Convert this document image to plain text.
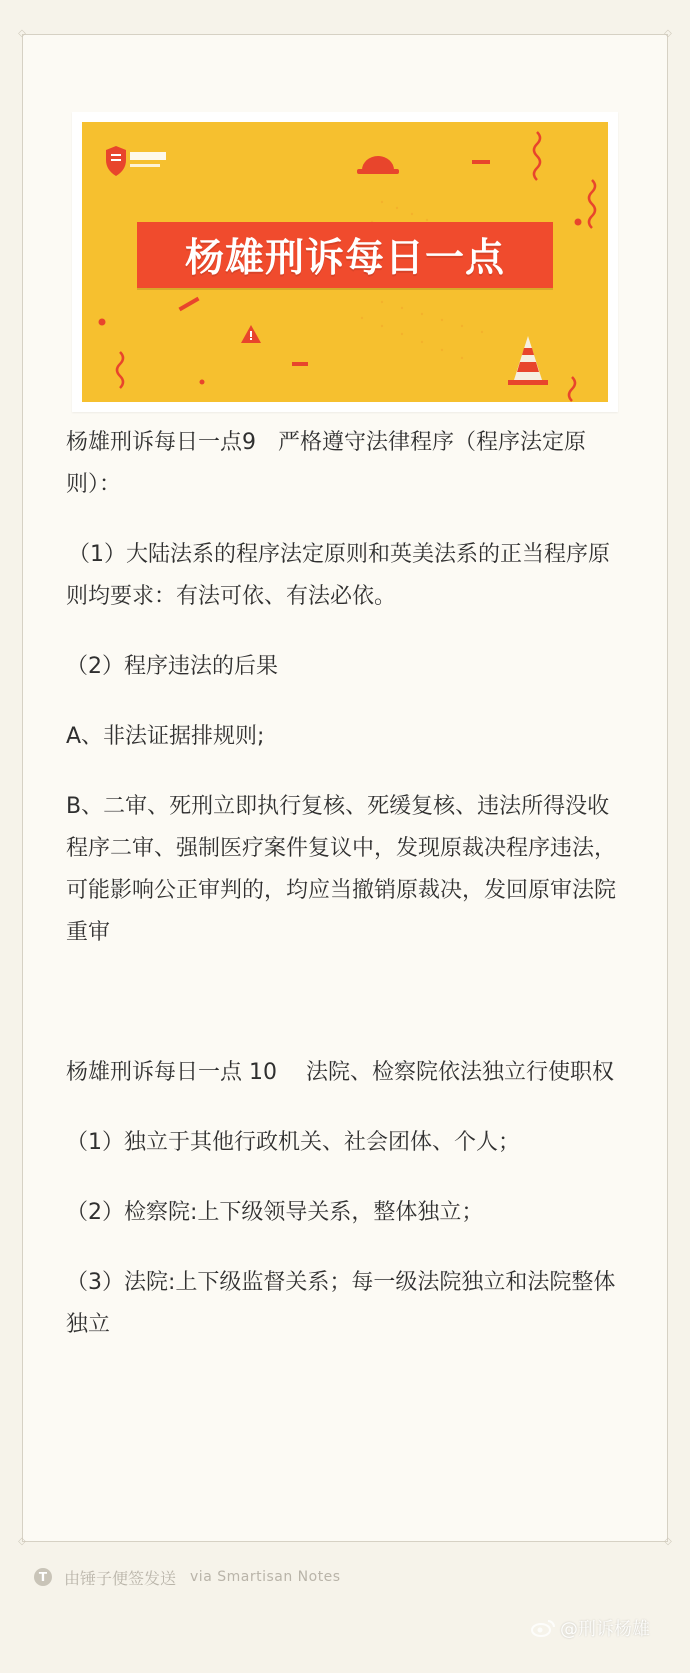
◇	◇
◇	◇
杨雄刑诉每日一点

杨雄刑诉每日一点9　严格遵守法律程序（程序法定原则）：

（1）大陆法系的程序法定原则和英美法系的正当程序原则均要求：有法可依、有法必依。

（2）程序违法的后果

A、非法证据排规则;

B、二审、死刑立即执行复核、死缓复核、违法所得没收程序二审、强制医疗案件复议中，发现原裁决程序违法，可能影响公正审判的，均应当撤销原裁决，发回原审法院重审

杨雄刑诉每日一点 10　 法院、检察院依法独立行使职权

（1）独立于其他行政机关、社会团体、个人；

（2）检察院:上下级领导关系，整体独立；

（3）法院:上下级监督关系；每一级法院独立和法院整体独立

T	由锤子便签发送 via Smartisan Notes
@刑诉杨雄
